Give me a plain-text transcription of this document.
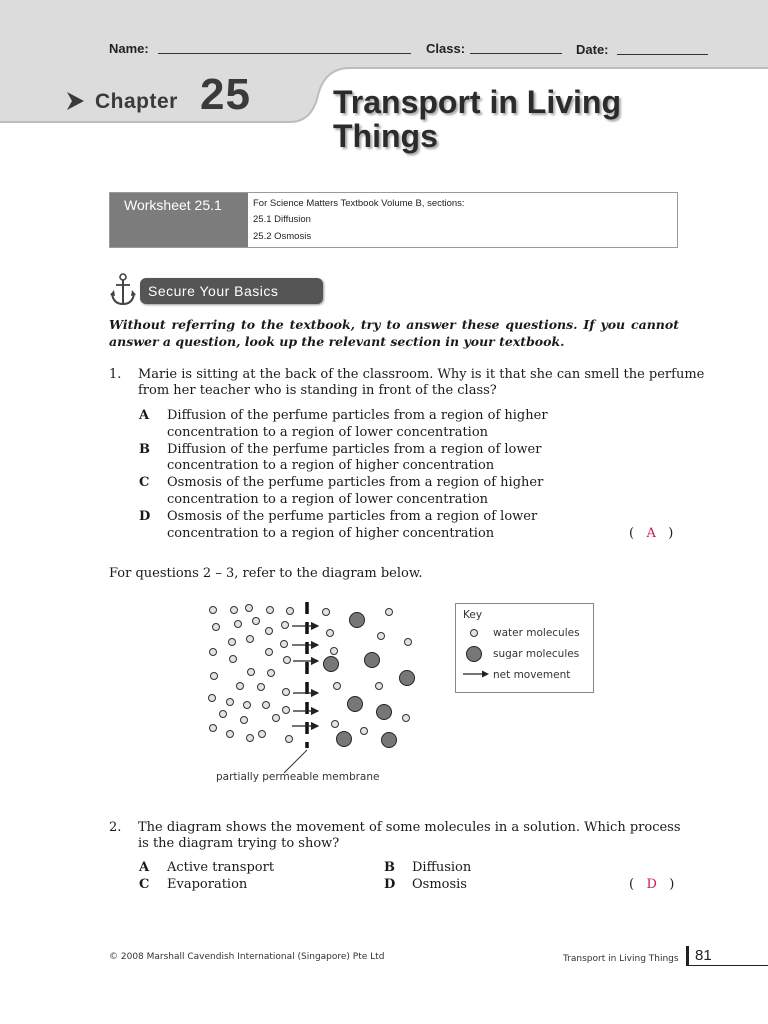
Name:	Class:	Date:
Chapter 25	Transport in Living
Things
Worksheet 25.1	For Science Matters Textbook Volume B, sections:
25.1 Diffusion
25.2 Osmosis
Secure Your Basics
Without referring to the textbook, try to answer these questions. If you cannot answer a question, look up the relevant section in your textbook.
1. Marie is sitting at the back of the classroom. Why is it that she can smell the perfume
from her teacher who is standing in front of the class?
A Diffusion of the perfume particles from a region of higher
concentration to a region of lower concentration
B Diffusion of the perfume particles from a region of lower
concentration to a region of higher concentration
C Osmosis of the perfume particles from a region of higher
concentration to a region of lower concentration
D Osmosis of the perfume particles from a region of lower
concentration to a region of higher concentration	(   A   )
For questions 2 – 3, refer to the diagram below.
partially permeable membrane
Key
water molecules
sugar molecules
net movement
2. The diagram shows the movement of some molecules in a solution. Which process
is the diagram trying to show?
A Active transport	B Diffusion
C Evaporation	D Osmosis	(   D   )
© 2008 Marshall Cavendish International (Singapore) Pte Ltd	Transport in Living Things 81
